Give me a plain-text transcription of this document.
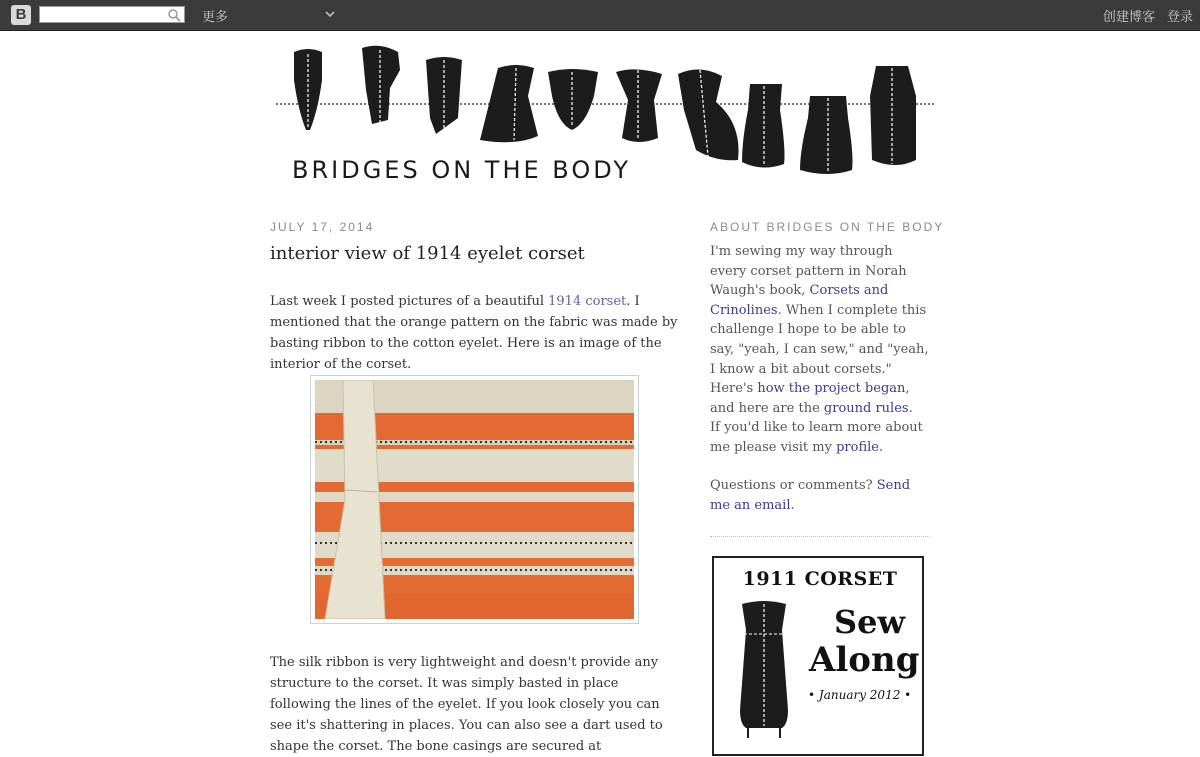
B	更多	创建博客 登录
BRIDGES ON THE BODY
JULY 17, 2014
interior view of 1914 eyelet corset

Last week I posted pictures of a beautiful 1914 corset. I mentioned that the orange pattern on the fabric was made by basting ribbon to the cotton eyelet. Here is an image of the interior of the corset.

The silk ribbon is very lightweight and doesn't provide any structure to the corset. It was simply basted in place following the lines of the eyelet. If you look closely you can see it's shattering in places. You can also see a dart used to shape the corset. The bone casings are secured at

ABOUT BRIDGES ON THE BODY
I'm sewing my way through every corset pattern in Norah Waugh's book, Corsets and Crinolines. When I complete this challenge I hope to be able to say, "yeah, I can sew," and "yeah, I know a bit about corsets." Here's how the project began, and here are the ground rules.
If you'd like to learn more about me please visit my profile.
Questions or comments? Send me an email.
1911 CORSET
Sew
Along
• January 2012 •
